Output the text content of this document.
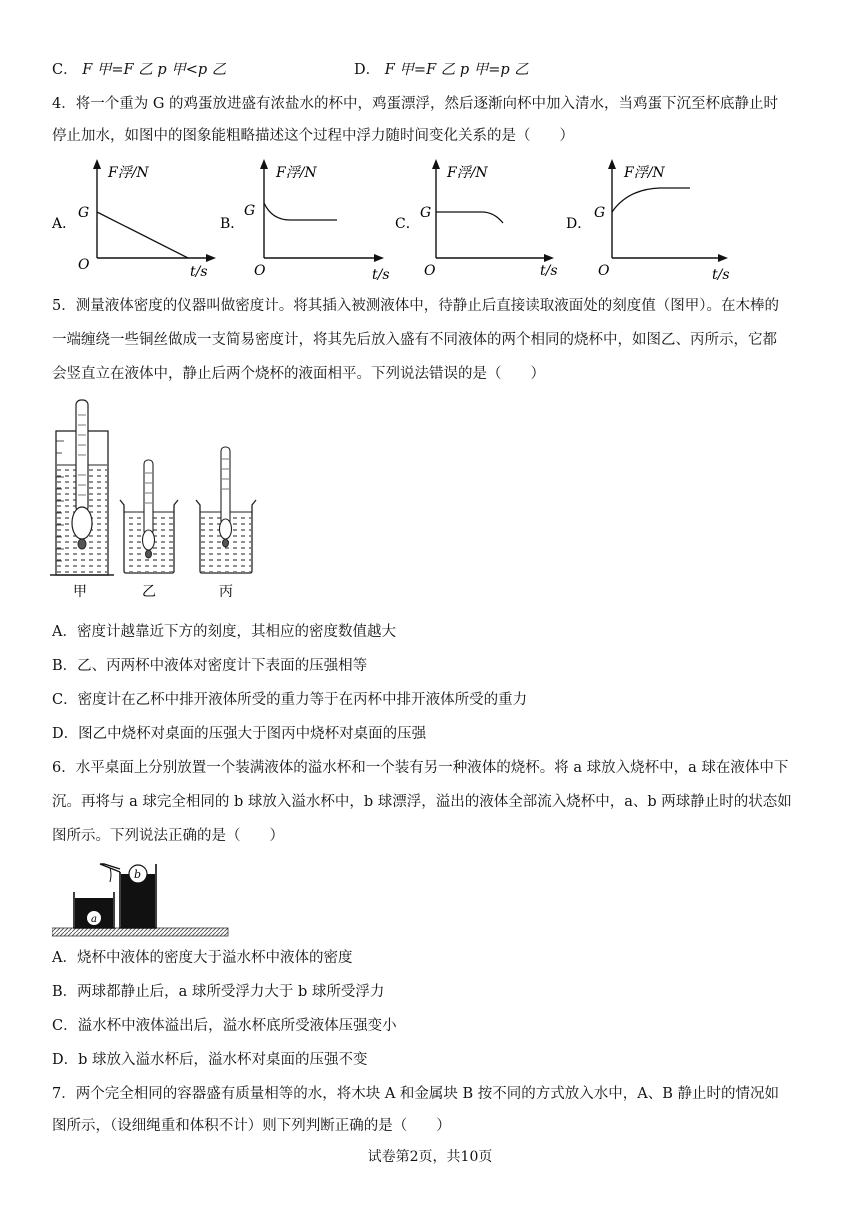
C． F 甲=F 乙 p 甲<p 乙	D． F 甲=F 乙 p 甲=p 乙
4．将一个重为 G 的鸡蛋放进盛有浓盐水的杯中，鸡蛋漂浮，然后逐渐向杯中加入清水，当鸡蛋下沉至杯底静止时
停止加水，如图中的图象能粗略描述这个过程中浮力随时间变化关系的是（　　）
A．
F浮/N
G
O	t/s
B．
F浮/N
G
O	t/s
C．
F浮/N
G
O	t/s
D．
F浮/N
G
O	t/s
5．测量液体密度的仪器叫做密度计。将其插入被测液体中，待静止后直接读取液面处的刻度值（图甲）。在木棒的
一端缠绕一些铜丝做成一支简易密度计，将其先后放入盛有不同液体的两个相同的烧杯中，如图乙、丙所示，它都
会竖直立在液体中，静止后两个烧杯的液面相平。下列说法错误的是（　　）
甲	乙	丙
A．密度计越靠近下方的刻度，其相应的密度数值越大
B．乙、丙两杯中液体对密度计下表面的压强相等
C．密度计在乙杯中排开液体所受的重力等于在丙杯中排开液体所受的重力
D．图乙中烧杯对桌面的压强大于图丙中烧杯对桌面的压强
6．水平桌面上分别放置一个装满液体的溢水杯和一个装有另一种液体的烧杯。将 a 球放入烧杯中，a 球在液体中下
沉。再将与 a 球完全相同的 b 球放入溢水杯中，b 球漂浮，溢出的液体全部流入烧杯中，a、b 两球静止时的状态如
图所示。下列说法正确的是（　　）
a
b
A．烧杯中液体的密度大于溢水杯中液体的密度
B．两球都静止后，a 球所受浮力大于 b 球所受浮力
C．溢水杯中液体溢出后，溢水杯底所受液体压强变小
D．b 球放入溢水杯后，溢水杯对桌面的压强不变
7．两个完全相同的容器盛有质量相等的水，将木块 A 和金属块 B 按不同的方式放入水中，A、B 静止时的情况如
图所示，（设细绳重和体积不计）则下列判断正确的是（　　）
试卷第2页，共10页
